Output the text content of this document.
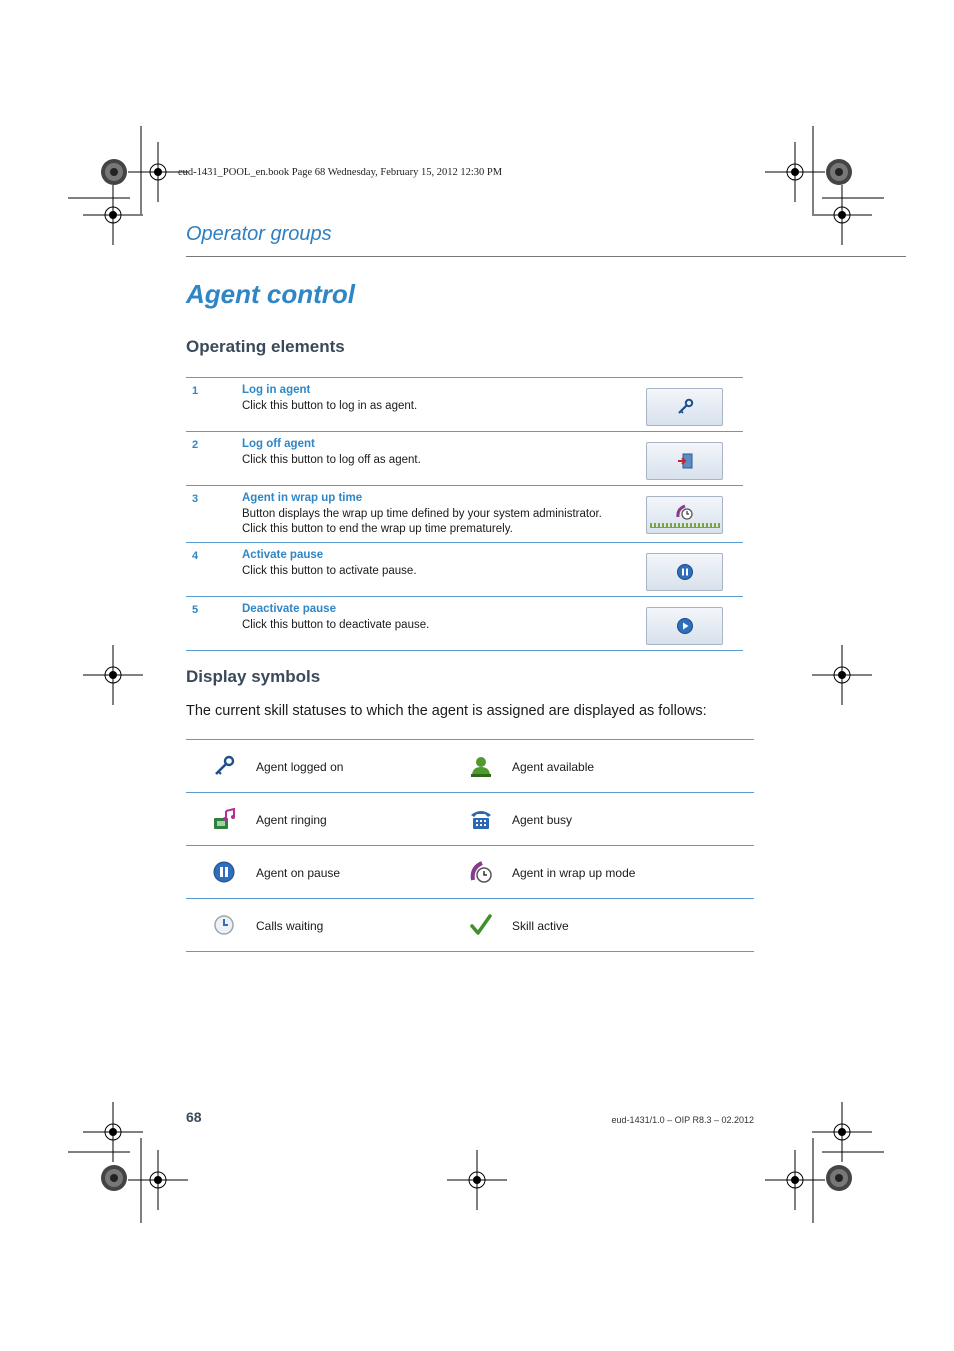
eud-1431_POOL_en.book Page 68 Wednesday, February 15, 2012 12:30 PM
Operator groups
Agent control
Operating elements
1	Log in agent
Click this button to log in as agent.
2	Log off agent
Click this button to log off as agent.
3	Agent in wrap up time
Button displays the wrap up time defined by your system administrator.
Click this button to end the wrap up time prematurely.
4	Activate pause
Click this button to activate pause.
5	Deactivate pause
Click this button to deactivate pause.
Display symbols

The current skill statuses to which the agent is assigned are displayed as follows:

Agent logged on	Agent available
Agent ringing	Agent busy
Agent on pause	Agent in wrap up mode
Calls waiting	Skill active
68	eud-1431/1.0 – OIP R8.3 – 02.2012
